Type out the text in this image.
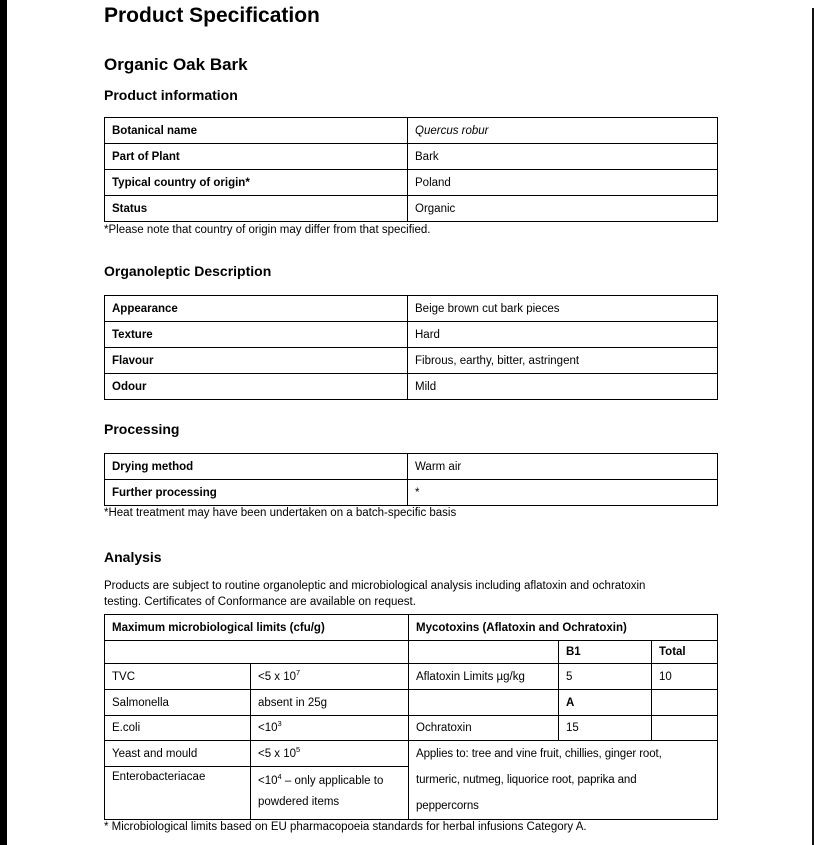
Product Specification
Organic Oak Bark
Product information
Botanical name	Quercus robur
Part of Plant	Bark
Typical country of origin*	Poland
Status	Organic
*Please note that country of origin may differ from that specified.
Organoleptic Description
Appearance	Beige brown cut bark pieces
Texture	Hard
Flavour	Fibrous, earthy, bitter, astringent
Odour	Mild
Processing
Drying method	Warm air
Further processing	*
*Heat treatment may have been undertaken on a batch-specific basis
Analysis
Products are subject to routine organoleptic and microbiological analysis including aflatoxin and ochratoxin
testing. Certificates of Conformance are available on request.
Maximum microbiological limits (cfu/g)		Mycotoxins (Aflatoxin and Ochratoxin)		
			B1	Total
TVC	<5 x $10^7$	Aflatoxin Limits µg/kg	5	10
Salmonella	absent in 25g		A	
E.coli	$<10^3$	Ochratoxin	15	
Yeast and mould	<5 x $10^5$	Applies to: tree and vine fruit, chillies, ginger root,
turmeric, nutmeg, liquorice root, paprika and
peppercorns		

Enterobacteriacae	$<10^4$ – only applicable to powdered items			
* Microbiological limits based on EU pharmacopoeia standards for herbal infusions Category A.
